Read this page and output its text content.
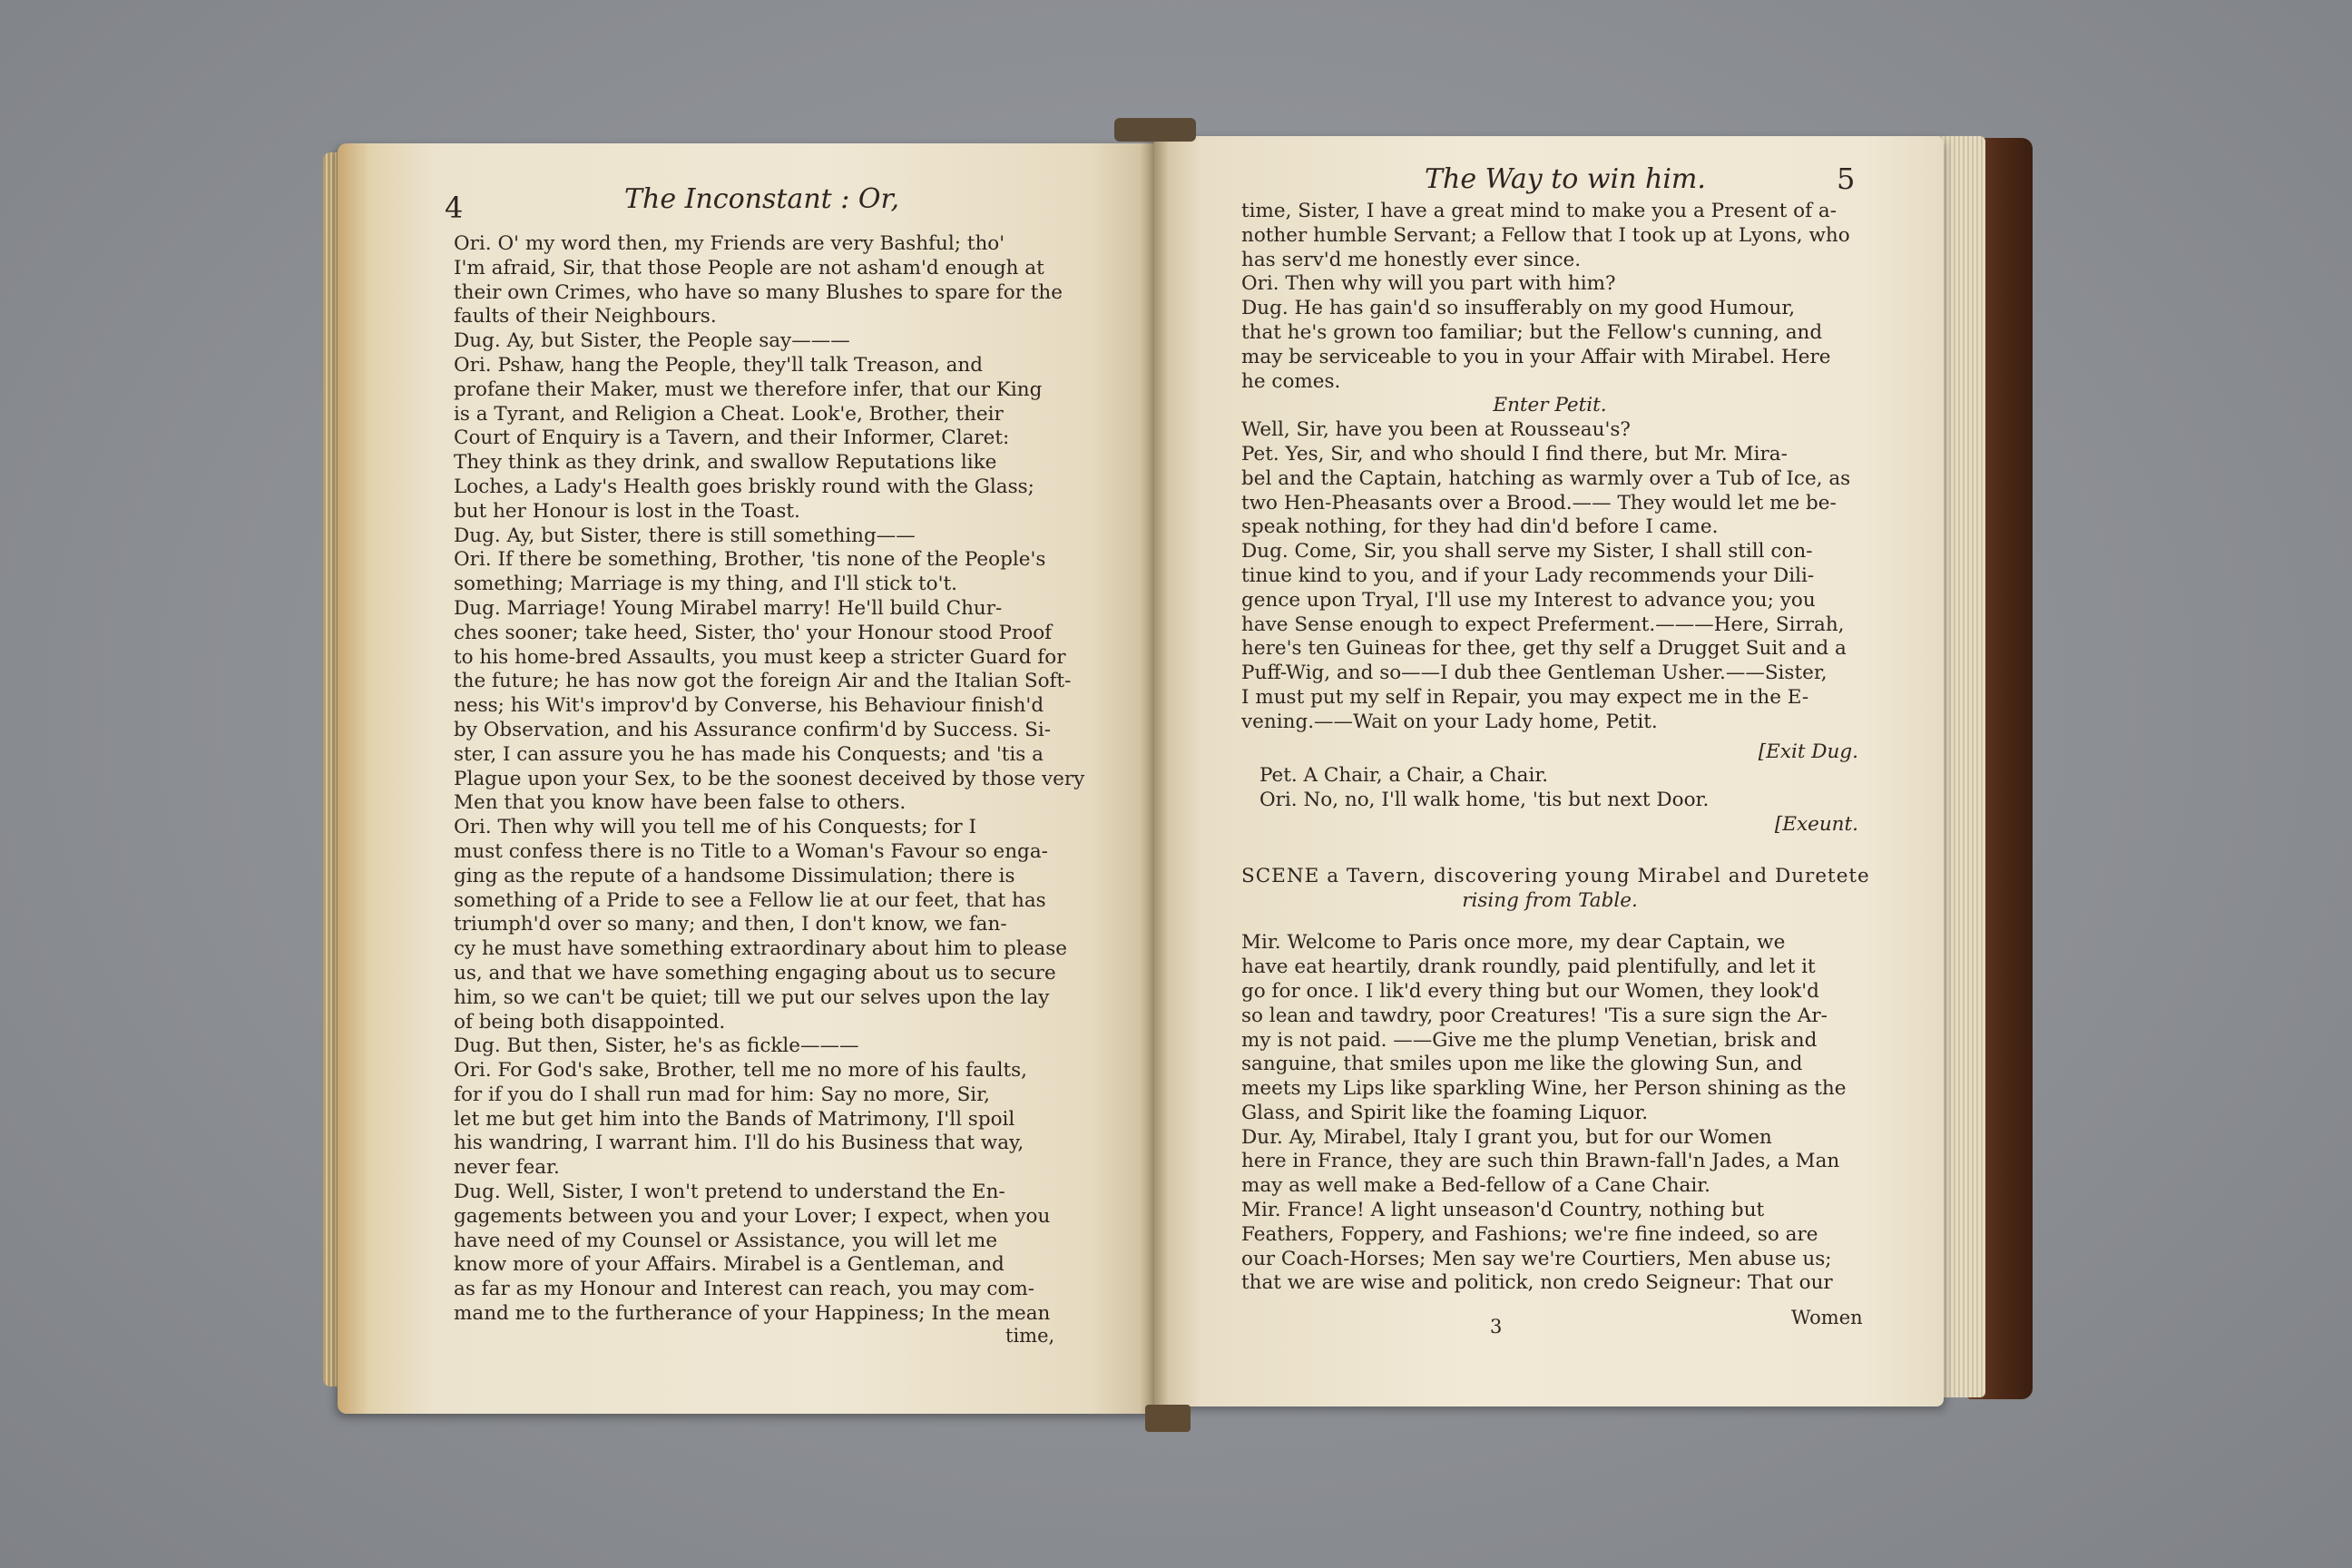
4	The Inconstant : Or,
Ori. O' my word then, my Friends are very Bashful; tho'
I'm afraid, Sir, that those People are not asham'd enough at
their own Crimes, who have so many Blushes to spare for the
faults of their Neighbours.
Dug. Ay, but Sister, the People say———
Ori. Pshaw, hang the People, they'll talk Treason, and
profane their Maker, must we therefore infer, that our King
is a Tyrant, and Religion a Cheat. Look'e, Brother, their
Court of Enquiry is a Tavern, and their Informer, Claret:
They think as they drink, and swallow Reputations like
Loches, a Lady's Health goes briskly round with the Glass;
but her Honour is lost in the Toast.
Dug. Ay, but Sister, there is still something——
Ori. If there be something, Brother, 'tis none of the People's
something; Marriage is my thing, and I'll stick to't.
Dug. Marriage! Young Mirabel marry! He'll build Chur-
ches sooner; take heed, Sister, tho' your Honour stood Proof
to his home-bred Assaults, you must keep a stricter Guard for
the future; he has now got the foreign Air and the Italian Soft-
ness; his Wit's improv'd by Converse, his Behaviour finish'd
by Observation, and his Assurance confirm'd by Success. Si-
ster, I can assure you he has made his Conquests; and 'tis a
Plague upon your Sex, to be the soonest deceived by those very
Men that you know have been false to others.
Ori. Then why will you tell me of his Conquests; for I
must confess there is no Title to a Woman's Favour so enga-
ging as the repute of a handsome Dissimulation; there is
something of a Pride to see a Fellow lie at our feet, that has
triumph'd over so many; and then, I don't know, we fan-
cy he must have something extraordinary about him to please
us, and that we have something engaging about us to secure
him, so we can't be quiet; till we put our selves upon the lay
of being both disappointed.
Dug. But then, Sister, he's as fickle———
Ori. For God's sake, Brother, tell me no more of his faults,
for if you do I shall run mad for him: Say no more, Sir,
let me but get him into the Bands of Matrimony, I'll spoil
his wandring, I warrant him. I'll do his Business that way,
never fear.
Dug. Well, Sister, I won't pretend to understand the En-
gagements between you and your Lover; I expect, when you
have need of my Counsel or Assistance, you will let me
know more of your Affairs. Mirabel is a Gentleman, and
as far as my Honour and Interest can reach, you may com-
mand me to the furtherance of your Happiness; In the mean
time,
The Way to win him.	5
time, Sister, I have a great mind to make you a Present of a-
nother humble Servant; a Fellow that I took up at Lyons, who
has serv'd me honestly ever since.
Ori. Then why will you part with him?
Dug. He has gain'd so insufferably on my good Humour,
that he's grown too familiar; but the Fellow's cunning, and
may be serviceable to you in your Affair with Mirabel. Here
he comes.
Enter Petit.
Well, Sir, have you been at Rousseau's?
Pet. Yes, Sir, and who should I find there, but Mr. Mira-
bel and the Captain, hatching as warmly over a Tub of Ice, as
two Hen-Pheasants over a Brood.—— They would let me be-
speak nothing, for they had din'd before I came.
Dug. Come, Sir, you shall serve my Sister, I shall still con-
tinue kind to you, and if your Lady recommends your Dili-
gence upon Tryal, I'll use my Interest to advance you; you
have Sense enough to expect Preferment.———Here, Sirrah,
here's ten Guineas for thee, get thy self a Drugget Suit and a
Puff-Wig, and so——I dub thee Gentleman Usher.——Sister,
I must put my self in Repair, you may expect me in the E-
vening.——Wait on your Lady home, Petit.
[Exit Dug.
Pet. A Chair, a Chair, a Chair.
Ori. No, no, I'll walk home, 'tis but next Door.
[Exeunt.
SCENE a Tavern, discovering young Mirabel and Duretete
rising from Table.
Mir. Welcome to Paris once more, my dear Captain, we
have eat heartily, drank roundly, paid plentifully, and let it
go for once. I lik'd every thing but our Women, they look'd
so lean and tawdry, poor Creatures! 'Tis a sure sign the Ar-
my is not paid. ——Give me the plump Venetian, brisk and
sanguine, that smiles upon me like the glowing Sun, and
meets my Lips like sparkling Wine, her Person shining as the
Glass, and Spirit like the foaming Liquor.
Dur. Ay, Mirabel, Italy I grant you, but for our Women
here in France, they are such thin Brawn-fall'n Jades, a Man
may as well make a Bed-fellow of a Cane Chair.
Mir. France! A light unseason'd Country, nothing but
Feathers, Foppery, and Fashions; we're fine indeed, so are
our Coach-Horses; Men say we're Courtiers, Men abuse us;
that we are wise and politick, non credo Seigneur: That our
Women
3
